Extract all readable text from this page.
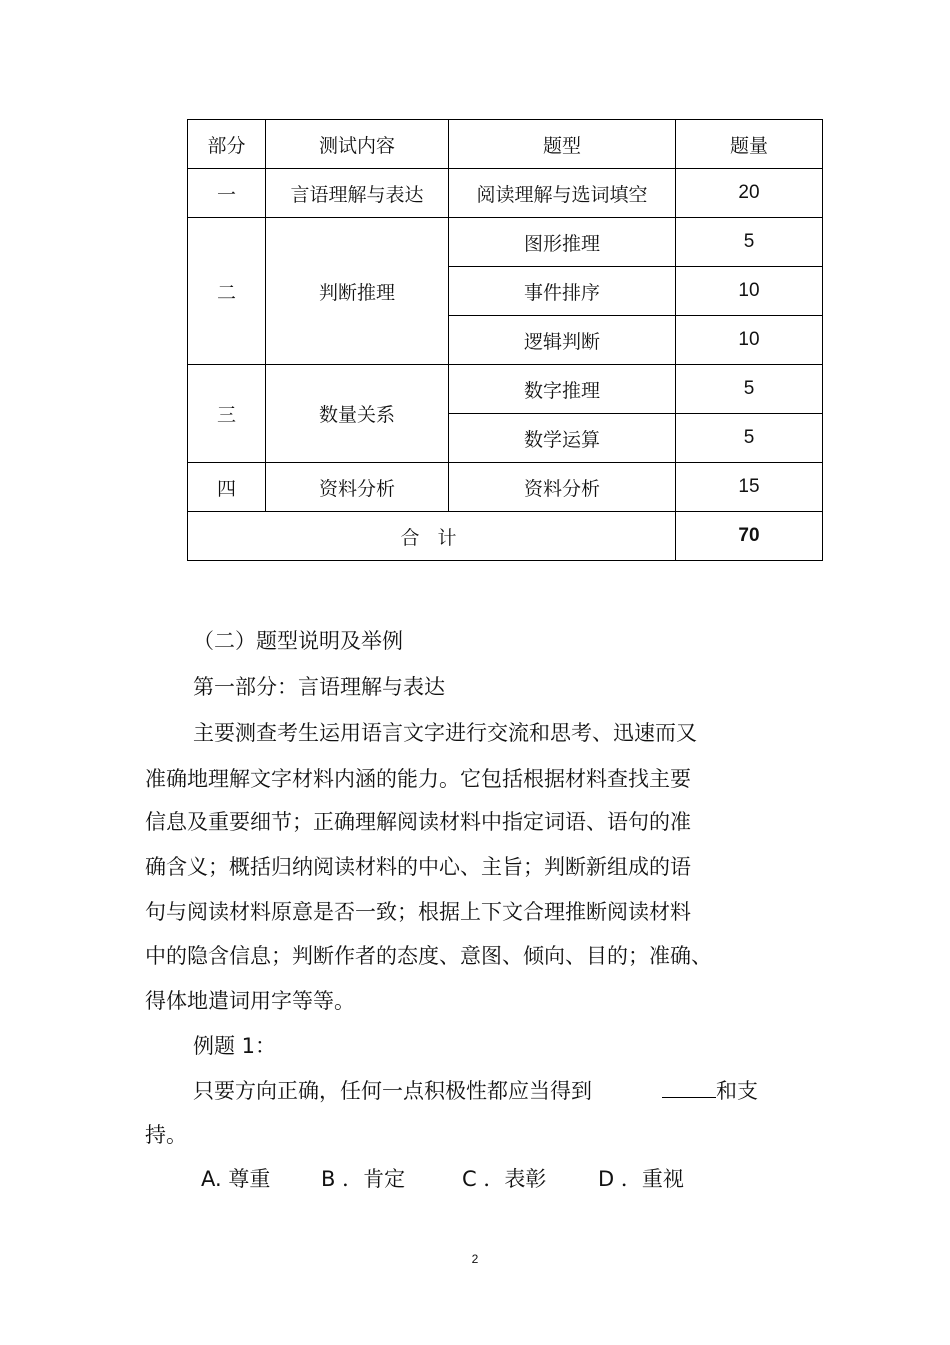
部分	测试内容	题型	题量
一	言语理解与表达	阅读理解与选词填空	20
二	判断推理	图形推理	5
		事件排序	10
		逻辑判断	10
三	数量关系	数字推理	5
		数学运算	5
四	资料分析	资料分析	15
合 计			70
（二）题型说明及举例
第一部分：言语理解与表达
主要测查考生运用语言文字进行交流和思考、迅速而又
准确地理解文字材料内涵的能力。它包括根据材料查找主要
信息及重要细节；正确理解阅读材料中指定词语、语句的准
确含义；概括归纳阅读材料的中心、主旨；判断新组成的语
句与阅读材料原意是否一致；根据上下文合理推断阅读材料
中的隐含信息；判断作者的态度、意图、倾向、目的；准确、
得体地遣词用字等等。
例题 1：
只要方向正确，任何一点积极性都应当得到	和支
持。
A. 尊重 B ．肯定	C ．表彰 D ．重视
2
